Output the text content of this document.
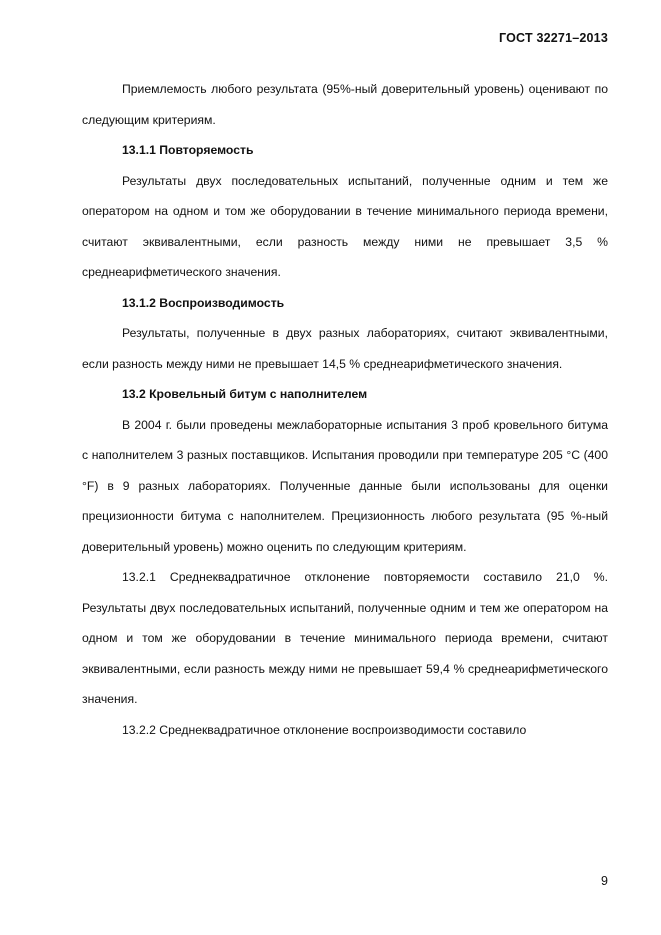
ГОСТ 32271–2013

Приемлемость любого результата (95%-ный доверительный уровень) оценивают по следующим критериям.

13.1.1 Повторяемость

Результаты двух последовательных испытаний, полученные одним и тем же оператором на одном и том же оборудовании в течение минимального периода времени, считают эквивалентными, если разность между ними не превышает 3,5 % среднеарифметического значения.

13.1.2 Воспроизводимость

Результаты, полученные в двух разных лабораториях, считают эквивалентными, если разность между ними не превышает 14,5 % среднеарифметического значения.

13.2 Кровельный битум с наполнителем

В 2004 г. были проведены межлабораторные испытания 3 проб кровельного битума с наполнителем 3 разных поставщиков. Испытания проводили при температуре 205 °C (400 °F) в 9 разных лабораториях. Полученные данные были использованы для оценки прецизионности битума с наполнителем. Прецизионность любого результата (95 %-ный доверительный уровень) можно оценить по следующим критериям.

13.2.1 Среднеквадратичное отклонение повторяемости составило 21,0 %. Результаты двух последовательных испытаний, полученные одним и тем же оператором на одном и том же оборудовании в течение минимального периода времени, считают эквивалентными, если разность между ними не превышает 59,4 % среднеарифметического значения.

13.2.2 Среднеквадратичное отклонение воспроизводимости составило

9
